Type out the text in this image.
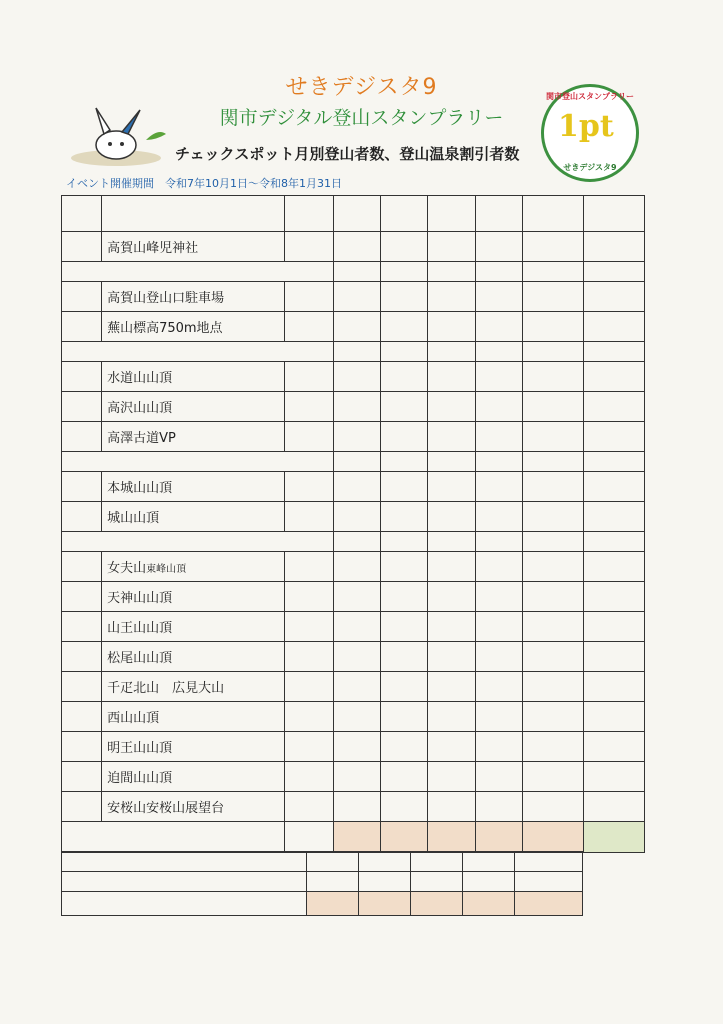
せきデジスタ9
関市デジタル登山スタンプラリー
チェックスポット月別登山者数、登山温泉割引者数
関市登山スタンプラリー
1pt
せきデジスタ9
イベント開催期間　令和7年10月1日～令和8年1月31日

	高賀山峰児神社							

	高賀山登山口駐車場							
	蕪山標高750m地点							

	水道山山頂							
	高沢山山頂							
	高澤古道VP							

	本城山山頂							
	城山山頂							

	女夫山東峰山頂							
	天神山山頂							
	山王山山頂							
	松尾山山頂							
	千疋北山　広見大山							
	西山山頂							
	明王山山頂							
	迫間山山頂							
	安桜山安桜山展望台							
